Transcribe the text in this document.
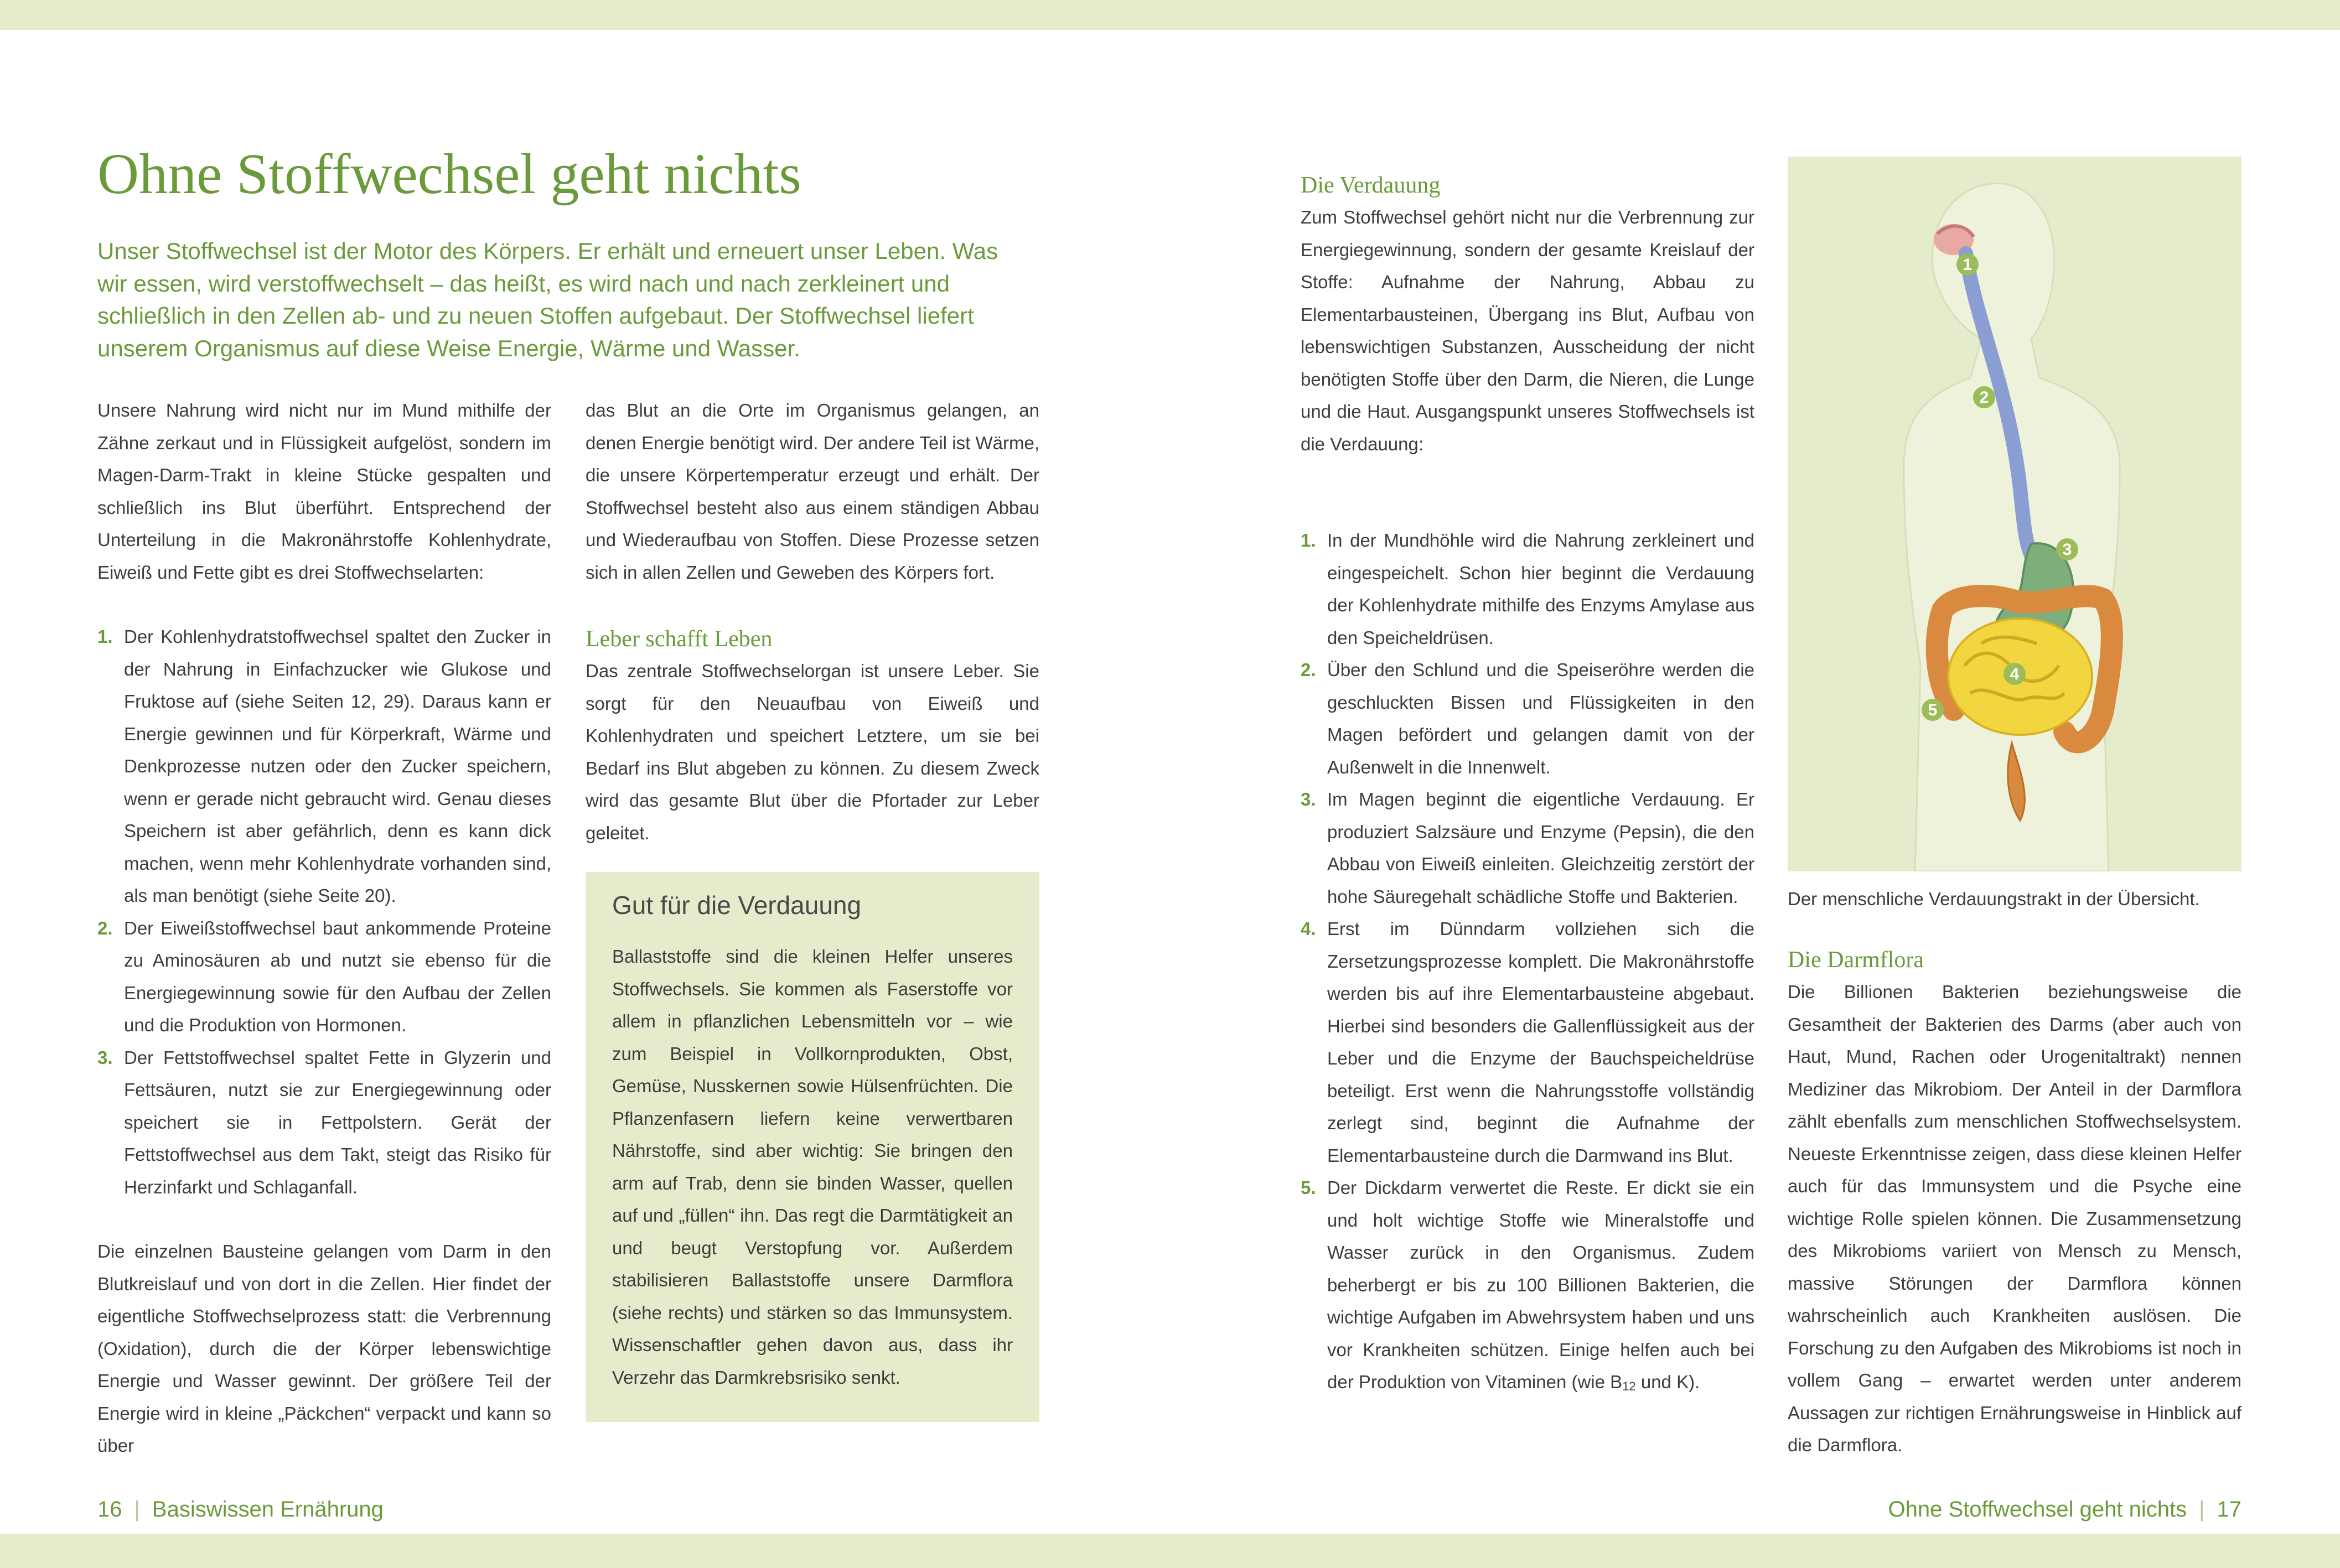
Ohne Stoffwechsel geht nichts

Unser Stoffwechsel ist der Motor des Körpers. Er erhält und erneuert unser Leben. Was wir essen, wird verstoffwechselt – das heißt, es wird nach und nach zerkleinert und schließlich in den Zellen ab- und zu neuen Stoffen aufgebaut. Der Stoffwechsel liefert unserem Organismus auf diese Weise Energie, Wärme und Wasser.

Unsere Nahrung wird nicht nur im Mund mithilfe der Zähne zerkaut und in Flüssigkeit aufgelöst, sondern im Magen-Darm-Trakt in kleine Stücke gespalten und schließlich ins Blut überführt. Entsprechend der Unterteilung in die Makronährstoffe Kohlenhydrate, Eiweiß und Fette gibt es drei Stoffwechselarten:

1. Der Kohlenhydratstoffwechsel spaltet den Zucker in der Nahrung in Einfachzucker wie Glukose und Fruktose auf (siehe Seiten 12, 29). Daraus kann er Energie gewinnen und für Körperkraft, Wärme und Denkprozesse nutzen oder den Zucker speichern, wenn er gerade nicht gebraucht wird. Genau dieses Speichern ist aber gefährlich, denn es kann dick machen, wenn mehr Kohlenhydrate vorhanden sind, als man benötigt (siehe Seite 20).
2. Der Eiweißstoffwechsel baut ankommende Proteine zu Aminosäuren ab und nutzt sie ebenso für die Energiegewinnung sowie für den Aufbau der Zellen und die Produktion von Hormonen.
3. Der Fettstoffwechsel spaltet Fette in Glyzerin und Fettsäuren, nutzt sie zur Energiegewinnung oder speichert sie in Fettpolstern. Gerät der Fettstoffwechsel aus dem Takt, steigt das Risiko für Herzinfarkt und Schlaganfall.

Die einzelnen Bausteine gelangen vom Darm in den Blutkreislauf und von dort in die Zellen. Hier findet der eigentliche Stoffwechselprozess statt: die Verbrennung (Oxidation), durch die der Körper lebenswichtige Energie und Wasser gewinnt. Der größere Teil der Energie wird in kleine „Päckchen“ verpackt und kann so über

das Blut an die Orte im Organismus gelangen, an denen Energie benötigt wird. Der andere Teil ist Wärme, die unsere Körpertemperatur erzeugt und erhält. Der Stoffwechsel besteht also aus einem ständigen Abbau und Wiederaufbau von Stoffen. Diese Prozesse setzen sich in allen Zellen und Geweben des Körpers fort.

Leber schafft Leben

Das zentrale Stoffwechselorgan ist unsere Leber. Sie sorgt für den Neuaufbau von Eiweiß und Kohlenhydraten und speichert Letztere, um sie bei Bedarf ins Blut abgeben zu können. Zu diesem Zweck wird das gesamte Blut über die Pfortader zur Leber geleitet.

Gut für die Verdauung

Ballaststoffe sind die kleinen Helfer unseres Stoffwechsels. Sie kommen als Faserstoffe vor allem in pflanzlichen Lebensmitteln vor – wie zum Beispiel in Vollkornprodukten, Obst, Gemüse, Nusskernen sowie Hülsenfrüchten. Die Pflanzenfasern liefern keine verwertbaren Nährstoffe, sind aber wichtig: Sie bringen den arm auf Trab, denn sie binden Wasser, quellen auf und „füllen“ ihn. Das regt die Darmtätigkeit an und beugt Verstopfung vor. Außerdem stabilisieren Ballaststoffe unsere Darmflora (siehe rechts) und stärken so das Immunsystem. Wissenschaftler gehen davon aus, dass ihr Verzehr das Darmkrebsrisiko senkt.

16 | Basiswissen Ernährung

Die Verdauung

Zum Stoffwechsel gehört nicht nur die Verbrennung zur Energiegewinnung, sondern der gesamte Kreislauf der Stoffe: Aufnahme der Nahrung, Abbau zu Elementarbausteinen, Übergang ins Blut, Aufbau von lebenswichtigen Substanzen, Ausscheidung der nicht benötigten Stoffe über den Darm, die Nieren, die Lunge und die Haut. Ausgangspunkt unseres Stoffwechsels ist die Verdauung:

1. In der Mundhöhle wird die Nahrung zerkleinert und eingespeichelt. Schon hier beginnt die Verdauung der Kohlenhydrate mithilfe des Enzyms Amylase aus den Speicheldrüsen.
2. Über den Schlund und die Speiseröhre werden die geschluckten Bissen und Flüssigkeiten in den Magen befördert und gelangen damit von der Außenwelt in die Innenwelt.
3. Im Magen beginnt die eigentliche Verdauung. Er produziert Salzsäure und Enzyme (Pepsin), die den Abbau von Eiweiß einleiten. Gleichzeitig zerstört der hohe Säuregehalt schädliche Stoffe und Bakterien.
4. Erst im Dünndarm vollziehen sich die Zersetzungsprozesse komplett. Die Makronährstoffe werden bis auf ihre Elementarbausteine abgebaut. Hierbei sind besonders die Gallenflüssigkeit aus der Leber und die Enzyme der Bauchspeicheldrüse beteiligt. Erst wenn die Nahrungsstoffe vollständig zerlegt sind, beginnt die Aufnahme der Elementarbausteine durch die Darmwand ins Blut.
5. Der Dickdarm verwertet die Reste. Er dickt sie ein und holt wichtige Stoffe wie Mineralstoffe und Wasser zurück in den Organismus. Zudem beherbergt er bis zu 100 Billionen Bakterien, die wichtige Aufgaben im Abwehrsystem haben und uns vor Krankheiten schützen. Einige helfen auch bei der Produktion von Vitaminen (wie B12 und K).
1
2
3
4
5
Der menschliche Verdauungstrakt in der Übersicht.

Die Darmflora

Die Billionen Bakterien beziehungsweise die Gesamtheit der Bakterien des Darms (aber auch von Haut, Mund, Rachen oder Urogenitaltrakt) nennen Mediziner das Mikrobiom. Der Anteil in der Darmflora zählt ebenfalls zum menschlichen Stoffwechselsystem. Neueste Erkenntnisse zeigen, dass diese kleinen Helfer auch für das Immunsystem und die Psyche eine wichtige Rolle spielen können. Die Zusammensetzung des Mikrobioms variiert von Mensch zu Mensch, massive Störungen der Darmflora können wahrscheinlich auch Krankheiten auslösen. Die Forschung zu den Aufgaben des Mikrobioms ist noch in vollem Gang – erwartet werden unter anderem Aussagen zur richtigen Ernährungsweise in Hinblick auf die Darmflora.

Ohne Stoffwechsel geht nichts | 17
